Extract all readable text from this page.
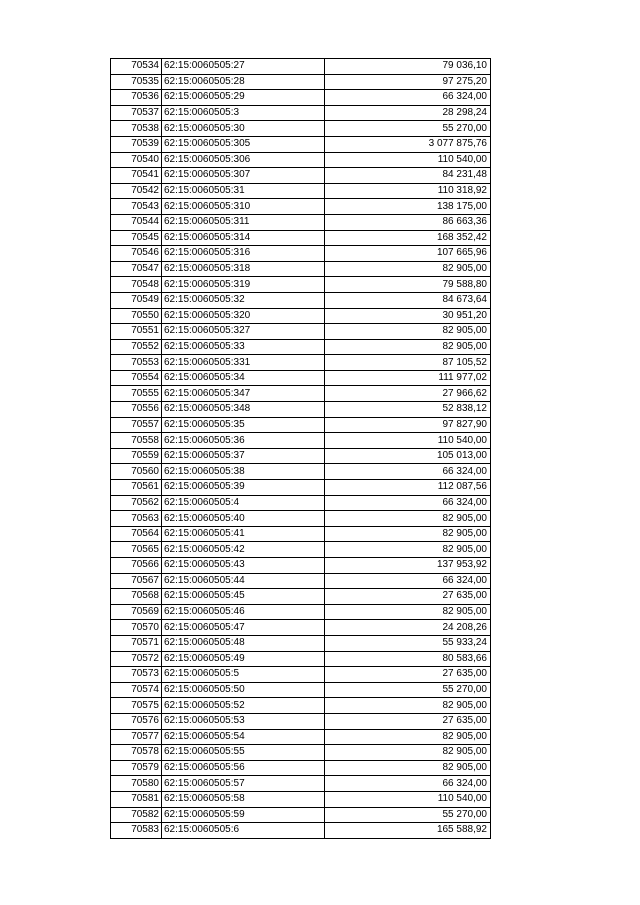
70534	62:15:0060505:27	79 036,10
70535	62:15:0060505:28	97 275,20
70536	62:15:0060505:29	66 324,00
70537	62:15:0060505:3	28 298,24
70538	62:15:0060505:30	55 270,00
70539	62:15:0060505:305	3 077 875,76
70540	62:15:0060505:306	110 540,00
70541	62:15:0060505:307	84 231,48
70542	62:15:0060505:31	110 318,92
70543	62:15:0060505:310	138 175,00
70544	62:15:0060505:311	86 663,36
70545	62:15:0060505:314	168 352,42
70546	62:15:0060505:316	107 665,96
70547	62:15:0060505:318	82 905,00
70548	62:15:0060505:319	79 588,80
70549	62:15:0060505:32	84 673,64
70550	62:15:0060505:320	30 951,20
70551	62:15:0060505:327	82 905,00
70552	62:15:0060505:33	82 905,00
70553	62:15:0060505:331	87 105,52
70554	62:15:0060505:34	111 977,02
70555	62:15:0060505:347	27 966,62
70556	62:15:0060505:348	52 838,12
70557	62:15:0060505:35	97 827,90
70558	62:15:0060505:36	110 540,00
70559	62:15:0060505:37	105 013,00
70560	62:15:0060505:38	66 324,00
70561	62:15:0060505:39	112 087,56
70562	62:15:0060505:4	66 324,00
70563	62:15:0060505:40	82 905,00
70564	62:15:0060505:41	82 905,00
70565	62:15:0060505:42	82 905,00
70566	62:15:0060505:43	137 953,92
70567	62:15:0060505:44	66 324,00
70568	62:15:0060505:45	27 635,00
70569	62:15:0060505:46	82 905,00
70570	62:15:0060505:47	24 208,26
70571	62:15:0060505:48	55 933,24
70572	62:15:0060505:49	80 583,66
70573	62:15:0060505:5	27 635,00
70574	62:15:0060505:50	55 270,00
70575	62:15:0060505:52	82 905,00
70576	62:15:0060505:53	27 635,00
70577	62:15:0060505:54	82 905,00
70578	62:15:0060505:55	82 905,00
70579	62:15:0060505:56	82 905,00
70580	62:15:0060505:57	66 324,00
70581	62:15:0060505:58	110 540,00
70582	62:15:0060505:59	55 270,00
70583	62:15:0060505:6	165 588,92
